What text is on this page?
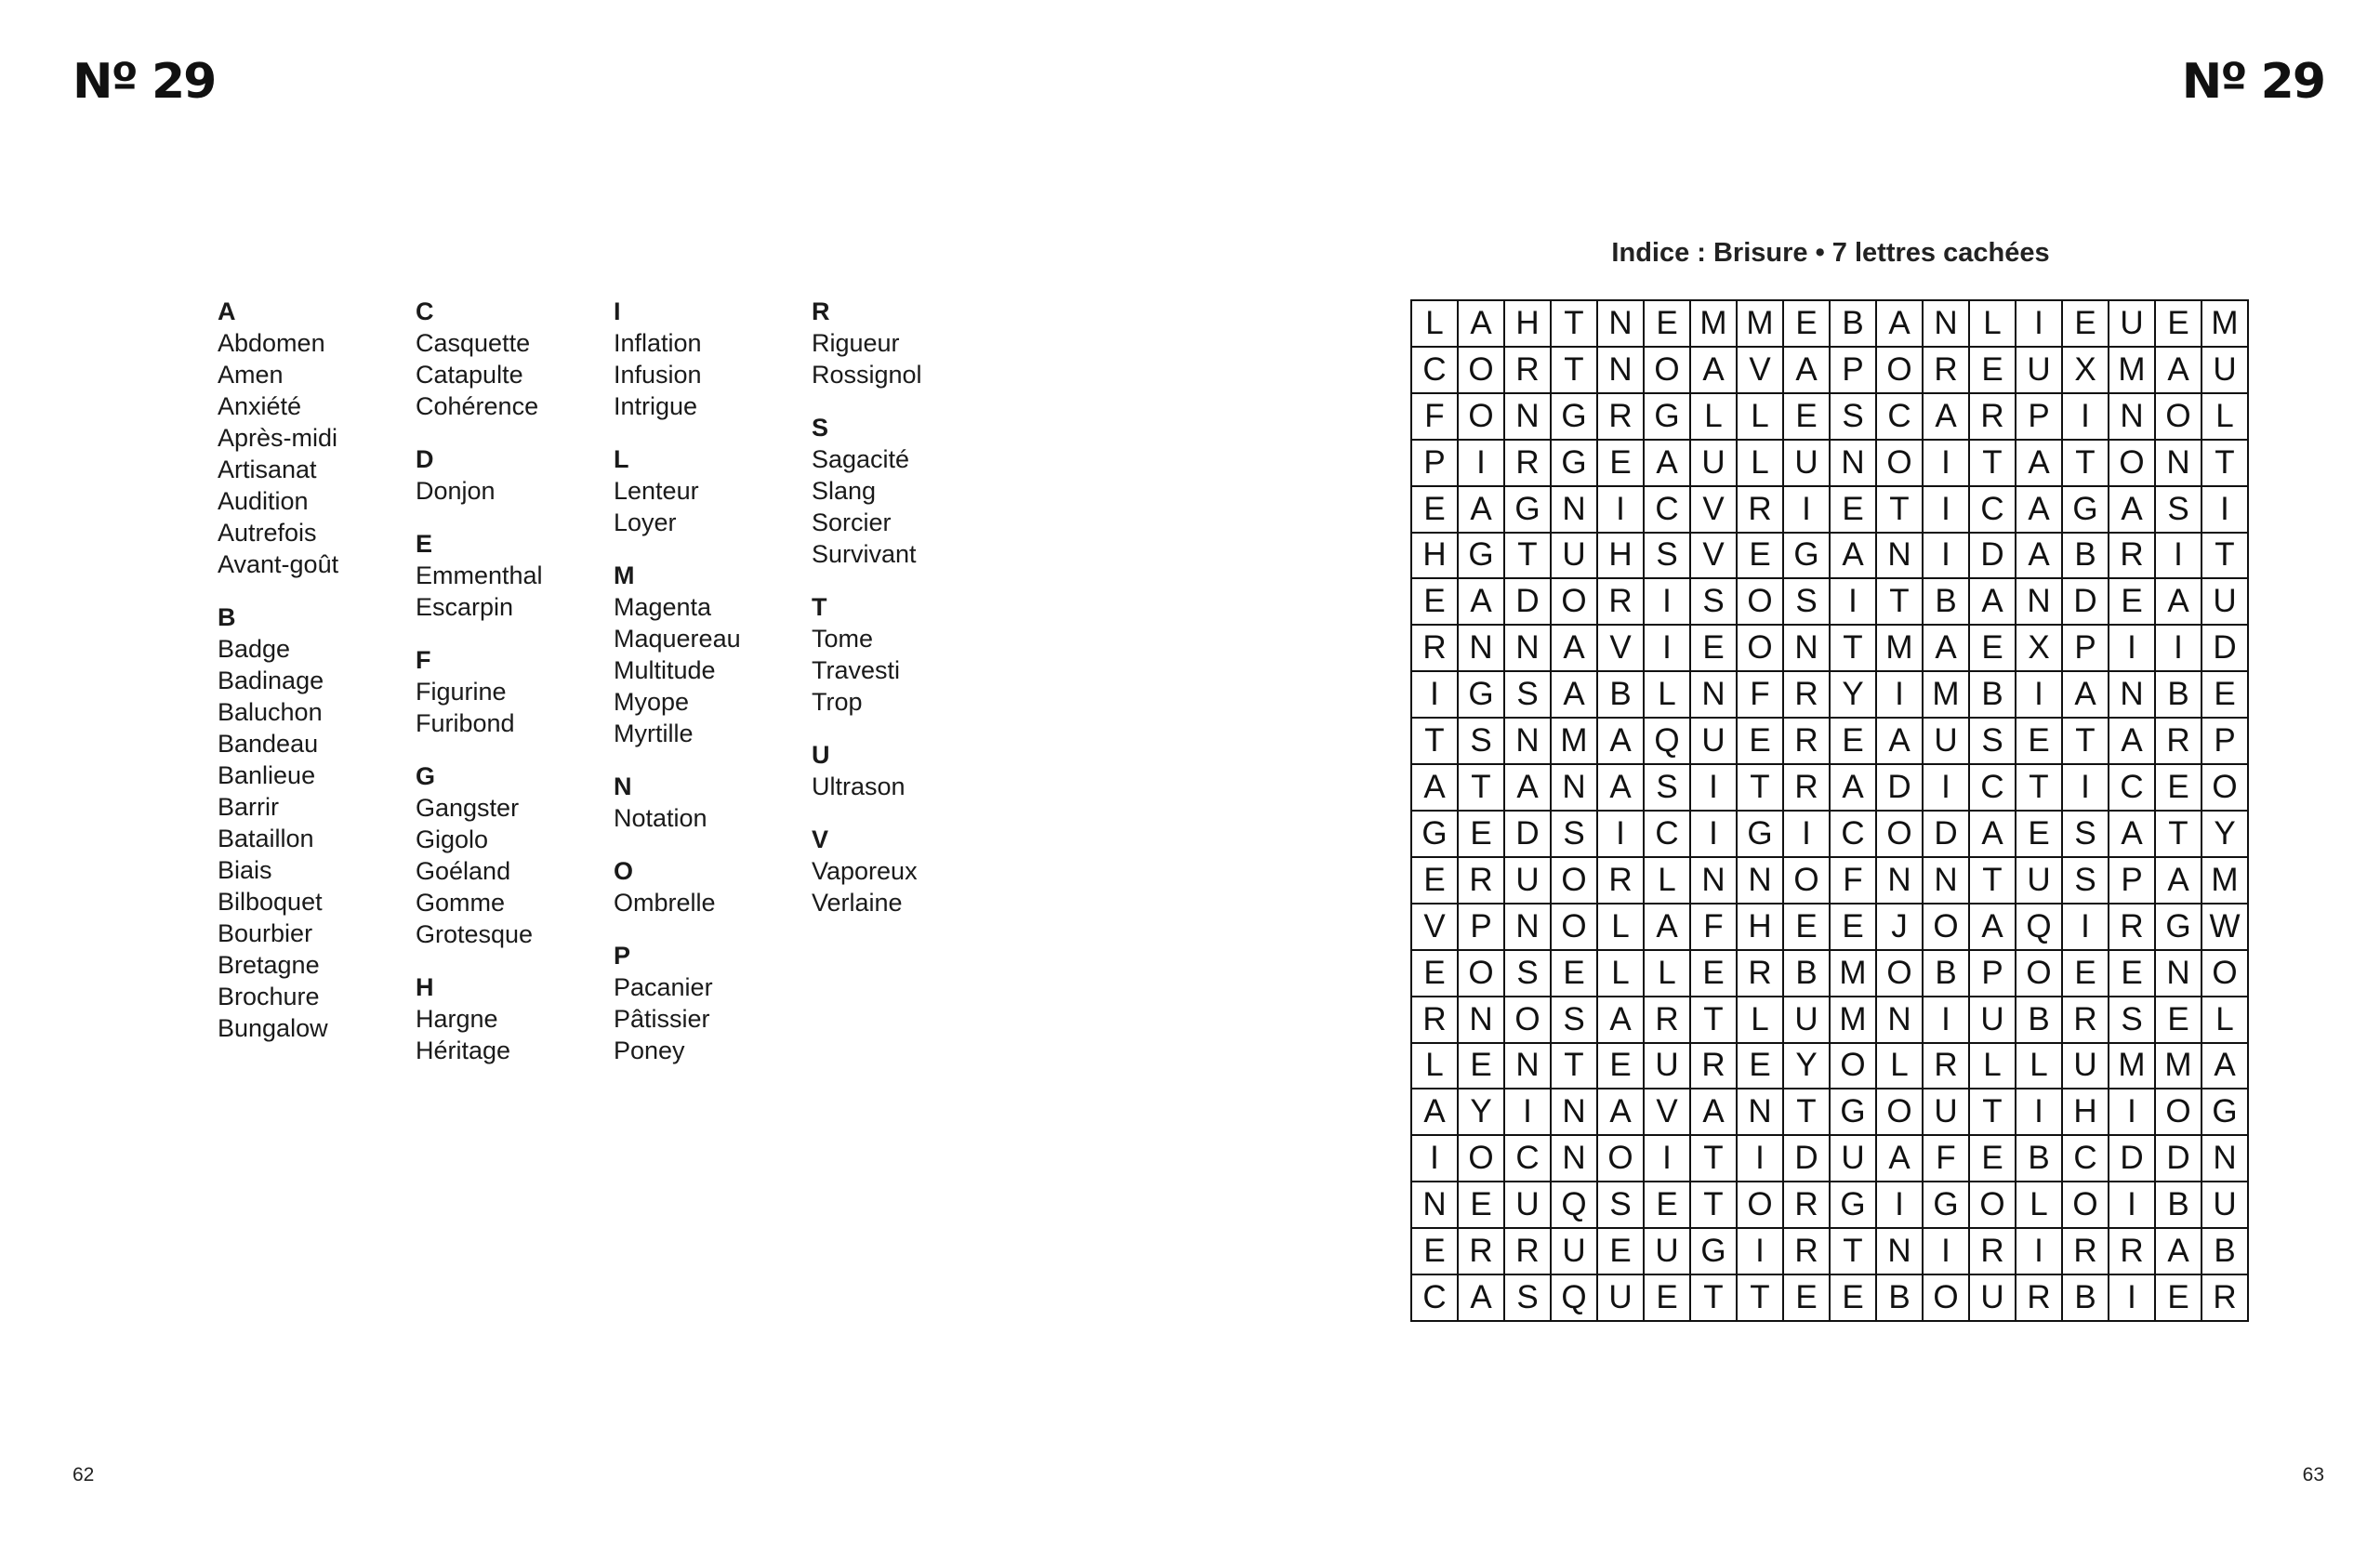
Nº 29	Nº 29
A
Abdomen
Amen
Anxiété
Après-midi
Artisanat
Audition
Autrefois
Avant-goût
B
Badge
Badinage
Baluchon
Bandeau
Banlieue
Barrir
Bataillon
Biais
Bilboquet
Bourbier
Bretagne
Brochure
Bungalow
C
Casquette
Catapulte
Cohérence
D
Donjon
E
Emmenthal
Escarpin
F
Figurine
Furibond
G
Gangster
Gigolo
Goéland
Gomme
Grotesque
H
Hargne
Héritage
I
Inflation
Infusion
Intrigue
L
Lenteur
Loyer
M
Magenta
Maquereau
Multitude
Myope
Myrtille
N
Notation
O
Ombrelle
P
Pacanier
Pâtissier
Poney
R
Rigueur
Rossignol
S
Sagacité
Slang
Sorcier
Survivant
T
Tome
Travesti
Trop
U
Ultrason
V
Vaporeux
Verlaine
Indice : Brisure • 7 lettres cachées
L A H T N E M M E B A N L	I E U E M
C O R T N O A V A P O R E U X M A U
F O N G R G L L E S C A R P I N O L
P I R G E A U L U N O I T A T O N T
E A G N I C V R I E T I C A G A S I
H G T U H S V E G A N I D A B R I T
E A D O R I S O S I T B A N D E A U
R N N A V I E O N T M A E X P I	I D
I G S A B L N F R Y I M B I A N B E
T S N M A Q U E R E A U S E T A R P
A T A N A S I T R A D I C T I C E O
G E D S I C I G I C O D A E S A T Y
E R U O R L N N O F N N T U S P A M
V P N O L A F H E E J O A Q I R G W
E O S E L L E R B M O B P O E E N O
R N O S A R T L U M N I U B R S E L
L E N T E U R E Y O L R L L U M M A
A Y I N A V A N T G O U T I H I O G
I O C N O I T I D U A F E B C D D N
N E U Q S E T O R G I G O L O I B U
E R R U E U G I R T N I R I R R A B
C A S Q U E T T E E B O U R B I E R
62	63
